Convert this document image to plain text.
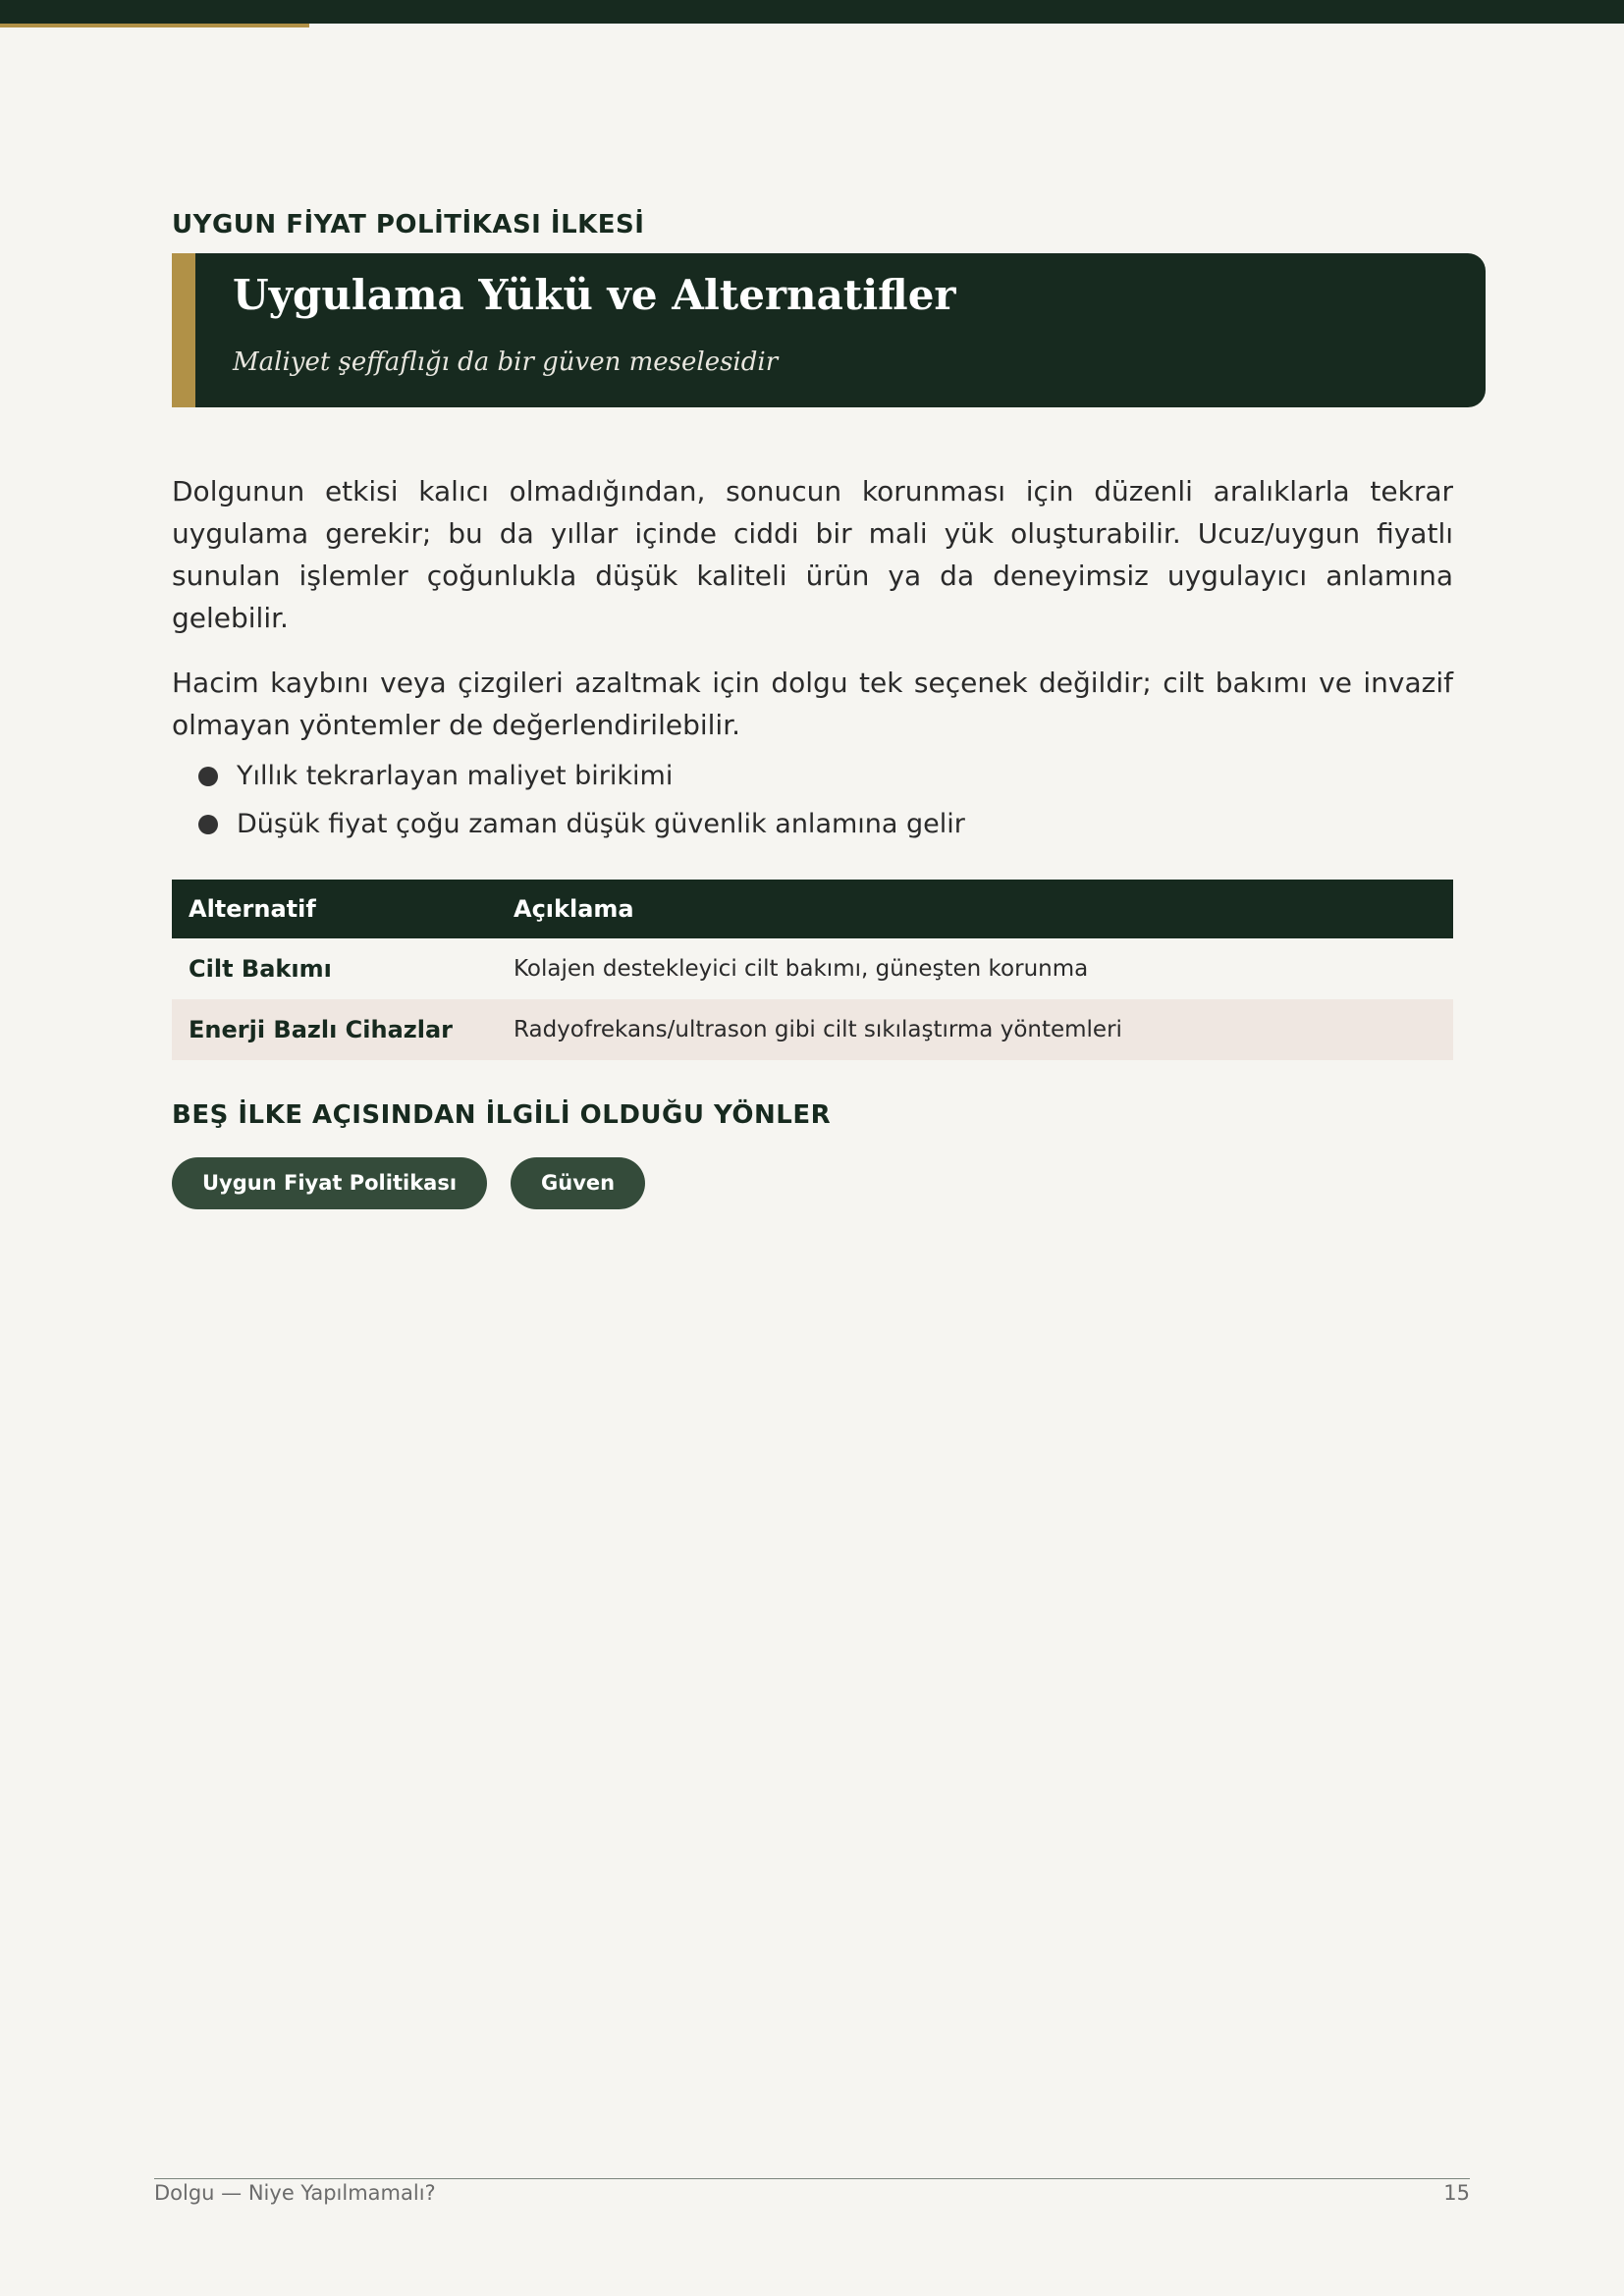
UYGUN FİYAT POLİTİKASI İLKESİ
Uygulama Yükü ve Alternatifler
Maliyet şeffaflığı da bir güven meselesidir

Dolgunun etkisi kalıcı olmadığından, sonucun korunması için düzenli aralıklarla tekrar uygulama gerekir; bu da yıllar içinde ciddi bir mali yük oluşturabilir. Ucuz/uygun fiyatlı sunulan işlemler çoğunlukla düşük kaliteli ürün ya da deneyimsiz uygulayıcı anlamına gelebilir.

Hacim kaybını veya çizgileri azaltmak için dolgu tek seçenek değildir; cilt bakımı ve invazif olmayan yöntemler de değerlendirilebilir.

Yıllık tekrarlayan maliyet birikimi
Düşük fiyat çoğu zaman düşük güvenlik anlamına gelir
Alternatif	Açıklama
Cilt Bakımı	Kolajen destekleyici cilt bakımı, güneşten korunma
Enerji Bazlı Cihazlar	Radyofrekans/ultrason gibi cilt sıkılaştırma yöntemleri
BEŞ İLKE AÇISINDAN İLGİLİ OLDUĞU YÖNLER
Uygun Fiyat Politikası	Güven
Dolgu — Niye Yapılmamalı?	15
